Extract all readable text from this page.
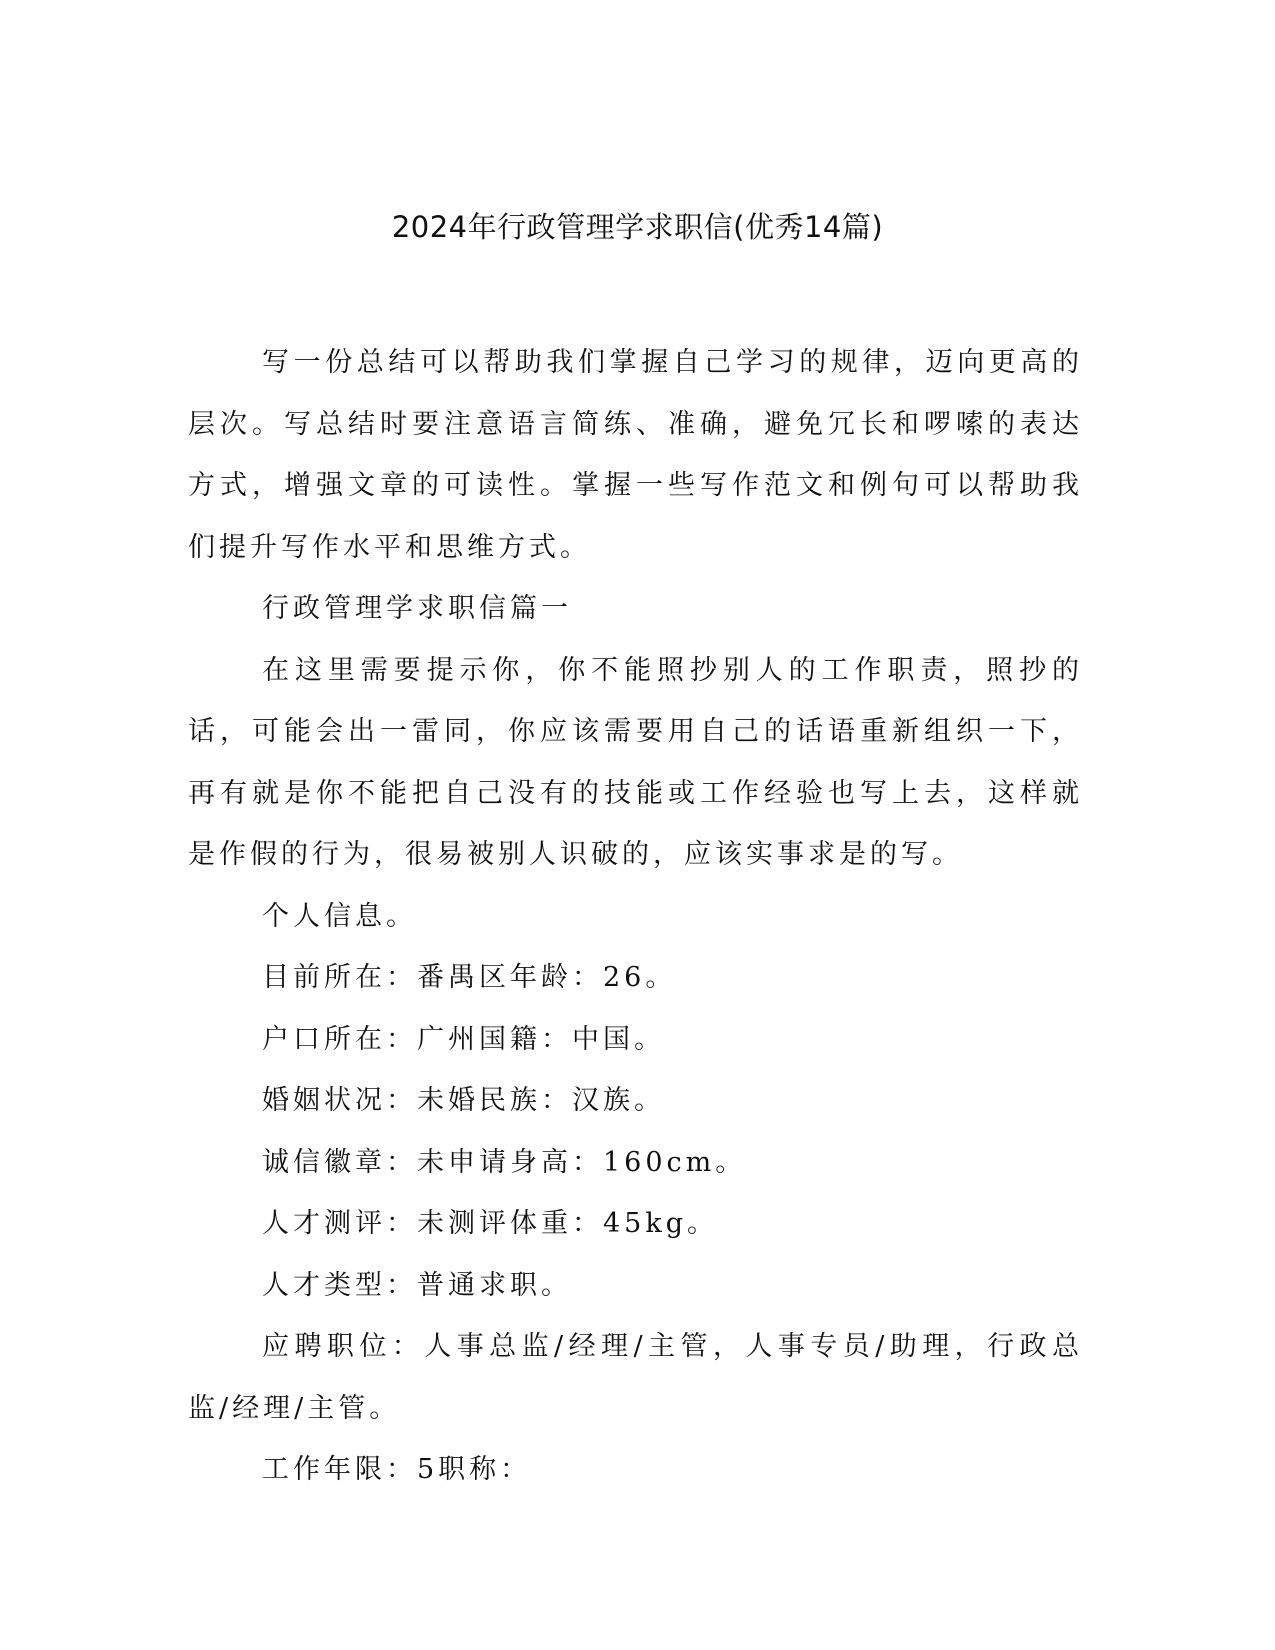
2024年行政管理学求职信(优秀14篇)

写一份总结可以帮助我们掌握自己学习的规律，迈向更高的层次。写总结时要注意语言简练、准确，避免冗长和啰嗦的表达方式，增强文章的可读性。掌握一些写作范文和例句可以帮助我们提升写作水平和思维方式。

行政管理学求职信篇一

在这里需要提示你，你不能照抄别人的工作职责，照抄的话，可能会出一雷同，你应该需要用自己的话语重新组织一下，再有就是你不能把自己没有的技能或工作经验也写上去，这样就是作假的行为，很易被别人识破的，应该实事求是的写。

个人信息。

目前所在：番禺区年龄：26。

户口所在：广州国籍：中国。

婚姻状况：未婚民族：汉族。

诚信徽章：未申请身高：160cm。

人才测评：未测评体重：45kg。

人才类型：普通求职。

应聘职位：人事总监/经理/主管，人事专员/助理，行政总监/经理/主管。

工作年限：5职称：
